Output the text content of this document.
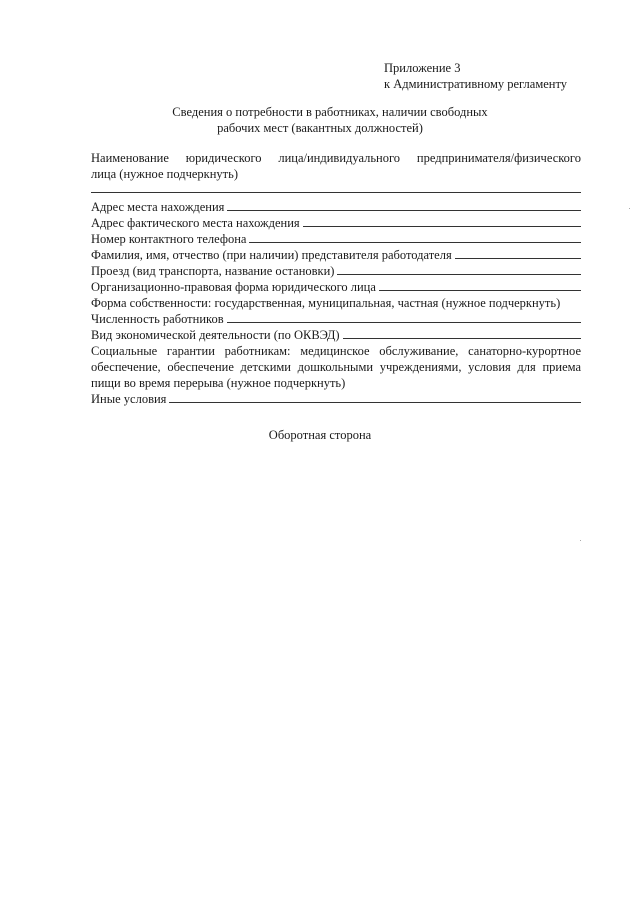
Приложение 3
к Административному регламенту
Сведения о потребности в работниках, наличии свободных
рабочих мест (вакантных должностей)
Наименование юридического лица/индивидуального предпринимателя/физического
лица (нужное подчеркнуть)
Адрес места нахождения
Адрес фактического места нахождения
Номер контактного телефона
Фамилия, имя, отчество (при наличии) представителя работодателя
Проезд (вид транспорта, название остановки)
Организационно-правовая форма юридического лица
Форма собственности: государственная, муниципальная, частная (нужное подчеркнуть)
Численность работников
Вид экономической деятельности (по ОКВЭД)
Социальные гарантии работникам: медицинское обслуживание, санаторно-курортное
обеспечение, обеспечение детскими дошкольными учреждениями, условия для приема
пищи во время перерыва (нужное подчеркнуть)
Иные условия
Оборотная сторона
